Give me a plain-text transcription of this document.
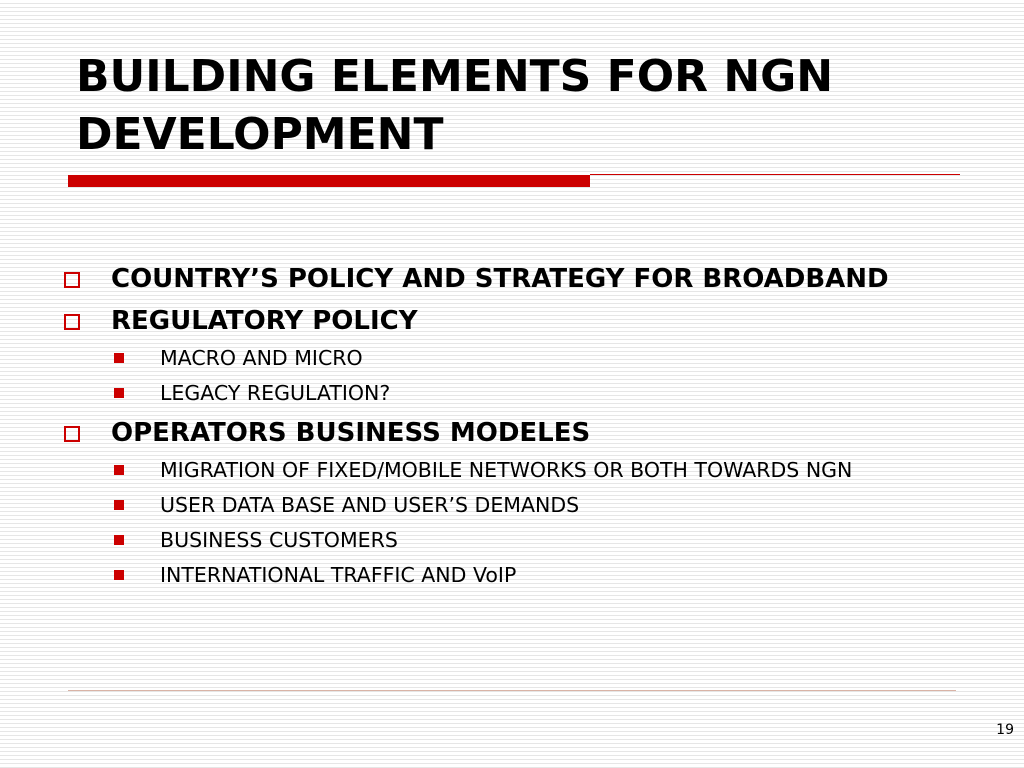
BUILDING ELEMENTS FOR NGN
DEVELOPMENT
COUNTRY’S POLICY AND STRATEGY FOR BROADBAND
REGULATORY POLICY
MACRO AND MICRO
LEGACY REGULATION?
OPERATORS BUSINESS MODELES
MIGRATION OF FIXED/MOBILE NETWORKS OR BOTH TOWARDS NGN
USER DATA BASE AND USER’S DEMANDS
BUSINESS CUSTOMERS
INTERNATIONAL TRAFFIC AND VoIP
19
